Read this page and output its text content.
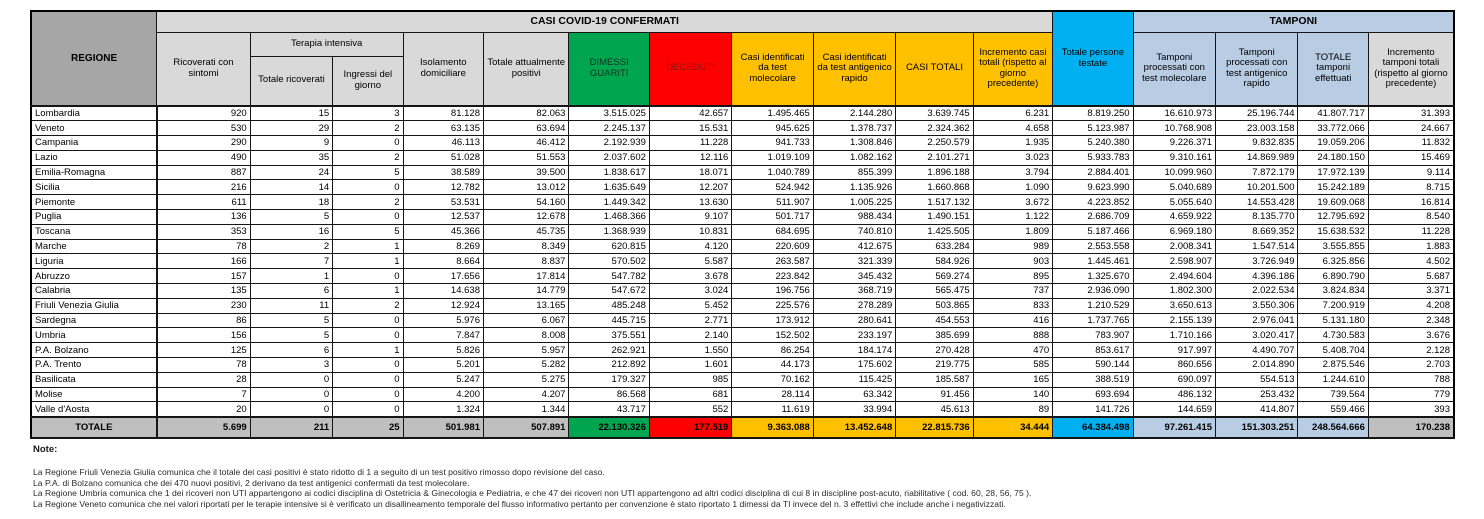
REGIONE	CASI COVID-19 CONFERMATI											Totale persone testate	TAMPONI			
	Ricoverati con sintomi	Terapia intensiva		Isolamento domiciliare	Totale attualmente positivi	DIMESSI GUARITI	DECEDUTI	Casi identificati da test molecolare	Casi identificati da test antigenico rapido	CASI TOTALI	Incremento casi totali (rispetto al giorno precedente)		Tamponi processati con test molecolare	Tamponi processati con test antigenico rapido	TOTALE tamponi effettuati	Incremento tamponi totali (rispetto al giorno precedente)
		Totale ricoverati	Ingressi del giorno													
Lombardia	920	15	3	81.128	82.063	3.515.025	42.657	1.495.465	2.144.280	3.639.745	6.231	8.819.250	16.610.973	25.196.744	41.807.717	31.393
Veneto	530	29	2	63.135	63.694	2.245.137	15.531	945.625	1.378.737	2.324.362	4.658	5.123.987	10.768.908	23.003.158	33.772.066	24.667
Campania	290	9	0	46.113	46.412	2.192.939	11.228	941.733	1.308.846	2.250.579	1.935	5.240.380	9.226.371	9.832.835	19.059.206	11.832
Lazio	490	35	2	51.028	51.553	2.037.602	12.116	1.019.109	1.082.162	2.101.271	3.023	5.933.783	9.310.161	14.869.989	24.180.150	15.469
Emilia-Romagna	887	24	5	38.589	39.500	1.838.617	18.071	1.040.789	855.399	1.896.188	3.794	2.884.401	10.099.960	7.872.179	17.972.139	9.114
Sicilia	216	14	0	12.782	13.012	1.635.649	12.207	524.942	1.135.926	1.660.868	1.090	9.623.990	5.040.689	10.201.500	15.242.189	8.715
Piemonte	611	18	2	53.531	54.160	1.449.342	13.630	511.907	1.005.225	1.517.132	3.672	4.223.852	5.055.640	14.553.428	19.609.068	16.814
Puglia	136	5	0	12.537	12.678	1.468.366	9.107	501.717	988.434	1.490.151	1.122	2.686.709	4.659.922	8.135.770	12.795.692	8.540
Toscana	353	16	5	45.366	45.735	1.368.939	10.831	684.695	740.810	1.425.505	1.809	5.187.466	6.969.180	8.669.352	15.638.532	11.228
Marche	78	2	1	8.269	8.349	620.815	4.120	220.609	412.675	633.284	989	2.553.558	2.008.341	1.547.514	3.555.855	1.883
Liguria	166	7	1	8.664	8.837	570.502	5.587	263.587	321.339	584.926	903	1.445.461	2.598.907	3.726.949	6.325.856	4.502
Abruzzo	157	1	0	17.656	17.814	547.782	3.678	223.842	345.432	569.274	895	1.325.670	2.494.604	4.396.186	6.890.790	5.687
Calabria	135	6	1	14.638	14.779	547.672	3.024	196.756	368.719	565.475	737	2.936.090	1.802.300	2.022.534	3.824.834	3.371
Friuli Venezia Giulia	230	11	2	12.924	13.165	485.248	5.452	225.576	278.289	503.865	833	1.210.529	3.650.613	3.550.306	7.200.919	4.208
Sardegna	86	5	0	5.976	6.067	445.715	2.771	173.912	280.641	454.553	416	1.737.765	2.155.139	2.976.041	5.131.180	2.348
Umbria	156	5	0	7.847	8.008	375.551	2.140	152.502	233.197	385.699	888	783.907	1.710.166	3.020.417	4.730.583	3.676
P.A. Bolzano	125	6	1	5.826	5.957	262.921	1.550	86.254	184.174	270.428	470	853.617	917.997	4.490.707	5.408.704	2.128
P.A. Trento	78	3	0	5.201	5.282	212.892	1.601	44.173	175.602	219.775	585	590.144	860.656	2.014.890	2.875.546	2.703
Basilicata	28	0	0	5.247	5.275	179.327	985	70.162	115.425	185.587	165	388.519	690.097	554.513	1.244.610	788
Molise	7	0	0	4.200	4.207	86.568	681	28.114	63.342	91.456	140	693.694	486.132	253.432	739.564	779
Valle d'Aosta	20	0	0	1.324	1.344	43.717	552	11.619	33.994	45.613	89	141.726	144.659	414.807	559.466	393
TOTALE	5.699	211	25	501.981	507.891	22.130.326	177.519	9.363.088	13.452.648	22.815.736	34.444	64.384.498	97.261.415	151.303.251	248.564.666	170.238
Note:
La Regione Friuli Venezia Giulia comunica che il totale dei casi positivi è stato ridotto di 1 a seguito di un test positivo rimosso dopo revisione del caso.
La P.A. di Bolzano comunica che dei 470 nuovi positivi, 2 derivano da test antigenici confermati da test molecolare.
La Regione Umbria comunica che 1 dei ricoveri non UTI appartengono ai codici disciplina di Ostetricia & Ginecologia e Pediatria, e che 47 dei ricoveri non UTI appartengono ad altri codici disciplina di cui 8 in discipline post-acuto, riabilitative ( cod. 60, 28, 56, 75 ).
La Regione Veneto comunica che nei valori riportati per le terapie intensive si è verificato un disallineamento temporale del flusso informativo pertanto per convenzione è stato riportato 1 dimessi da TI invece del n. 3 effettivi che include anche i negativizzati.
